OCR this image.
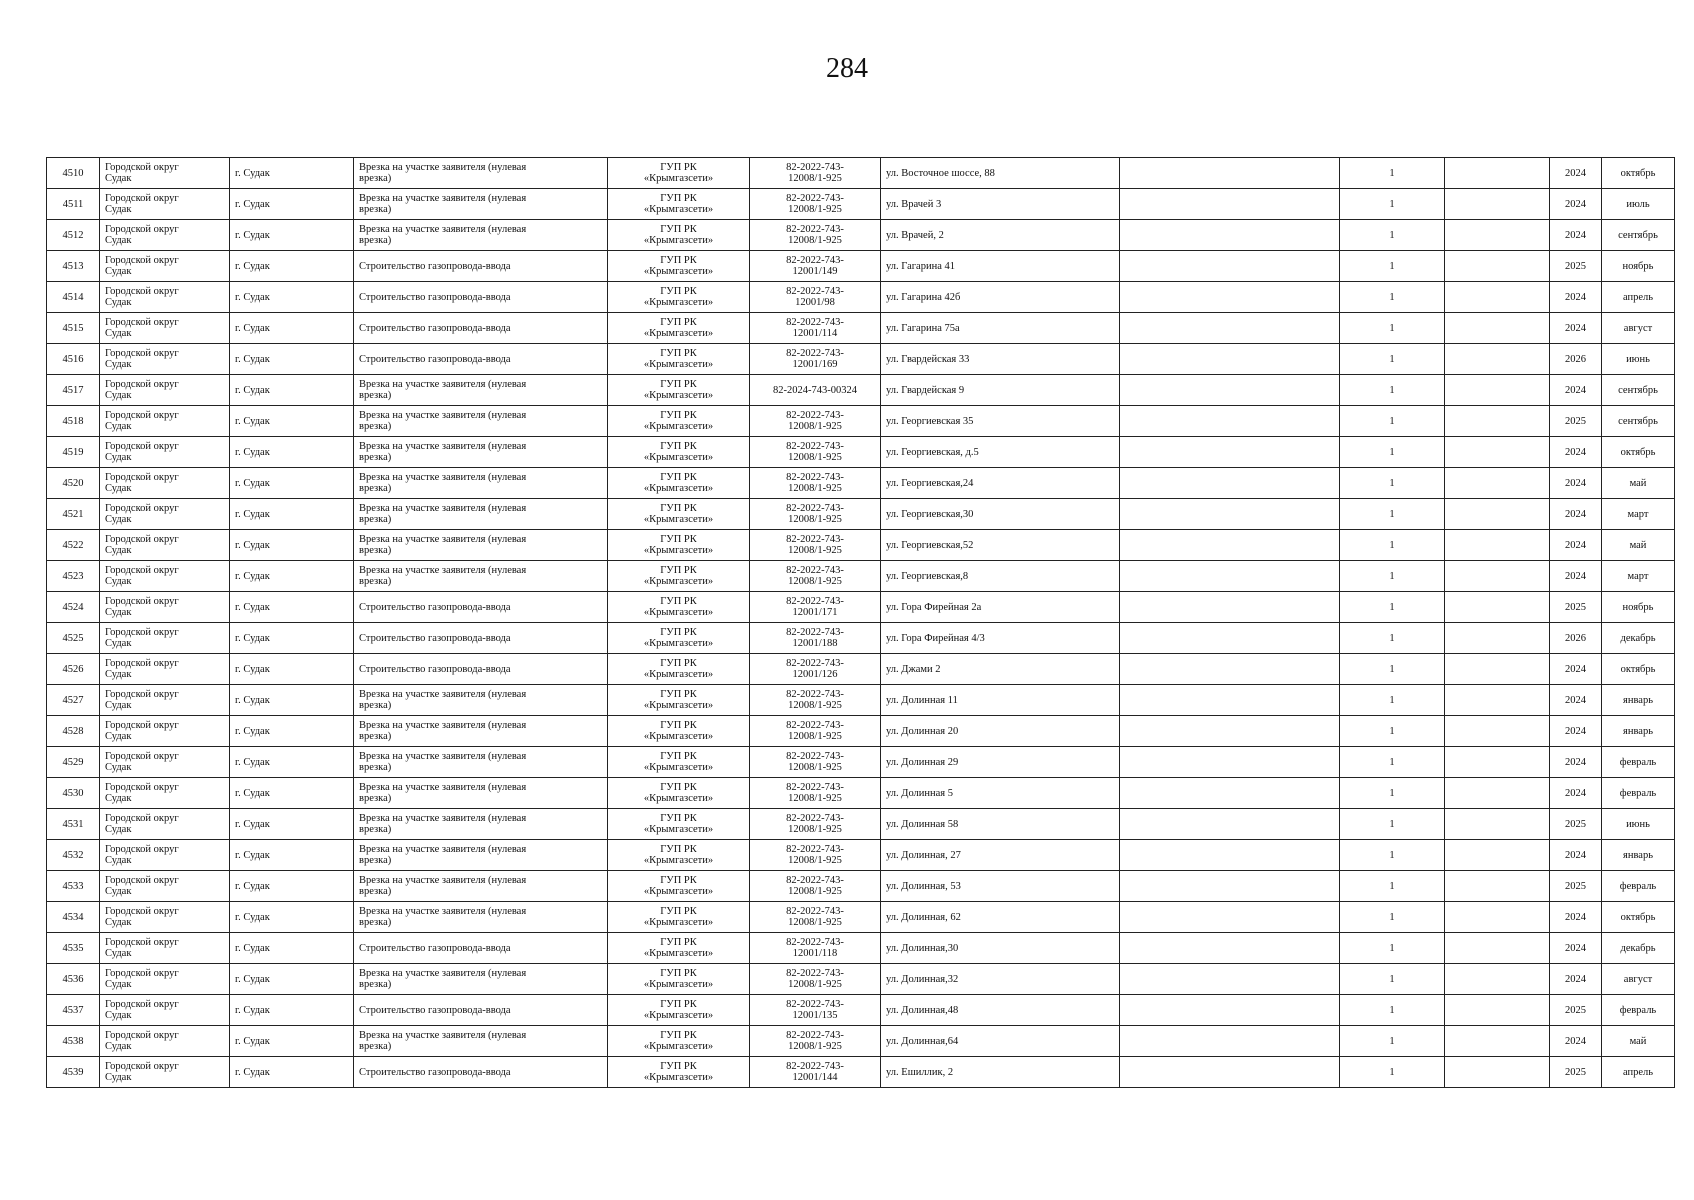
284
4510	Городской округ
Судак	г. Судак	Врезка на участке заявителя (нулевая
врезка)	ГУП РК
«Крымгазсети»	82-2022-743-
12008/1-925	ул. Восточное шоссе, 88		1		2024	октябрь
4511	Городской округ
Судак	г. Судак	Врезка на участке заявителя (нулевая
врезка)	ГУП РК
«Крымгазсети»	82-2022-743-
12008/1-925	ул. Врачей 3		1		2024	июль
4512	Городской округ
Судак	г. Судак	Врезка на участке заявителя (нулевая
врезка)	ГУП РК
«Крымгазсети»	82-2022-743-
12008/1-925	ул. Врачей, 2		1		2024	сентябрь
4513	Городской округ
Судак	г. Судак	Строительство газопровода-ввода	ГУП РК
«Крымгазсети»	82-2022-743-
12001/149	ул. Гагарина 41		1		2025	ноябрь
4514	Городской округ
Судак	г. Судак	Строительство газопровода-ввода	ГУП РК
«Крымгазсети»	82-2022-743-
12001/98	ул. Гагарина 42б		1		2024	апрель
4515	Городской округ
Судак	г. Судак	Строительство газопровода-ввода	ГУП РК
«Крымгазсети»	82-2022-743-
12001/114	ул. Гагарина 75а		1		2024	август
4516	Городской округ
Судак	г. Судак	Строительство газопровода-ввода	ГУП РК
«Крымгазсети»	82-2022-743-
12001/169	ул. Гвардейская 33		1		2026	июнь
4517	Городской округ
Судак	г. Судак	Врезка на участке заявителя (нулевая
врезка)	ГУП РК
«Крымгазсети»	82-2024-743-00324	ул. Гвардейская 9		1		2024	сентябрь
4518	Городской округ
Судак	г. Судак	Врезка на участке заявителя (нулевая
врезка)	ГУП РК
«Крымгазсети»	82-2022-743-
12008/1-925	ул. Георгиевская 35		1		2025	сентябрь
4519	Городской округ
Судак	г. Судак	Врезка на участке заявителя (нулевая
врезка)	ГУП РК
«Крымгазсети»	82-2022-743-
12008/1-925	ул. Георгиевская, д.5		1		2024	октябрь
4520	Городской округ
Судак	г. Судак	Врезка на участке заявителя (нулевая
врезка)	ГУП РК
«Крымгазсети»	82-2022-743-
12008/1-925	ул. Георгиевская,24		1		2024	май
4521	Городской округ
Судак	г. Судак	Врезка на участке заявителя (нулевая
врезка)	ГУП РК
«Крымгазсети»	82-2022-743-
12008/1-925	ул. Георгиевская,30		1		2024	март
4522	Городской округ
Судак	г. Судак	Врезка на участке заявителя (нулевая
врезка)	ГУП РК
«Крымгазсети»	82-2022-743-
12008/1-925	ул. Георгиевская,52		1		2024	май
4523	Городской округ
Судак	г. Судак	Врезка на участке заявителя (нулевая
врезка)	ГУП РК
«Крымгазсети»	82-2022-743-
12008/1-925	ул. Георгиевская,8		1		2024	март
4524	Городской округ
Судак	г. Судак	Строительство газопровода-ввода	ГУП РК
«Крымгазсети»	82-2022-743-
12001/171	ул. Гора Фирейная 2а		1		2025	ноябрь
4525	Городской округ
Судак	г. Судак	Строительство газопровода-ввода	ГУП РК
«Крымгазсети»	82-2022-743-
12001/188	ул. Гора Фирейная 4/3		1		2026	декабрь
4526	Городской округ
Судак	г. Судак	Строительство газопровода-ввода	ГУП РК
«Крымгазсети»	82-2022-743-
12001/126	ул. Джами 2		1		2024	октябрь
4527	Городской округ
Судак	г. Судак	Врезка на участке заявителя (нулевая
врезка)	ГУП РК
«Крымгазсети»	82-2022-743-
12008/1-925	ул. Долинная 11		1		2024	январь
4528	Городской округ
Судак	г. Судак	Врезка на участке заявителя (нулевая
врезка)	ГУП РК
«Крымгазсети»	82-2022-743-
12008/1-925	ул. Долинная 20		1		2024	январь
4529	Городской округ
Судак	г. Судак	Врезка на участке заявителя (нулевая
врезка)	ГУП РК
«Крымгазсети»	82-2022-743-
12008/1-925	ул. Долинная 29		1		2024	февраль
4530	Городской округ
Судак	г. Судак	Врезка на участке заявителя (нулевая
врезка)	ГУП РК
«Крымгазсети»	82-2022-743-
12008/1-925	ул. Долинная 5		1		2024	февраль
4531	Городской округ
Судак	г. Судак	Врезка на участке заявителя (нулевая
врезка)	ГУП РК
«Крымгазсети»	82-2022-743-
12008/1-925	ул. Долинная 58		1		2025	июнь
4532	Городской округ
Судак	г. Судак	Врезка на участке заявителя (нулевая
врезка)	ГУП РК
«Крымгазсети»	82-2022-743-
12008/1-925	ул. Долинная, 27		1		2024	январь
4533	Городской округ
Судак	г. Судак	Врезка на участке заявителя (нулевая
врезка)	ГУП РК
«Крымгазсети»	82-2022-743-
12008/1-925	ул. Долинная, 53		1		2025	февраль
4534	Городской округ
Судак	г. Судак	Врезка на участке заявителя (нулевая
врезка)	ГУП РК
«Крымгазсети»	82-2022-743-
12008/1-925	ул. Долинная, 62		1		2024	октябрь
4535	Городской округ
Судак	г. Судак	Строительство газопровода-ввода	ГУП РК
«Крымгазсети»	82-2022-743-
12001/118	ул. Долинная,30		1		2024	декабрь
4536	Городской округ
Судак	г. Судак	Врезка на участке заявителя (нулевая
врезка)	ГУП РК
«Крымгазсети»	82-2022-743-
12008/1-925	ул. Долинная,32		1		2024	август
4537	Городской округ
Судак	г. Судак	Строительство газопровода-ввода	ГУП РК
«Крымгазсети»	82-2022-743-
12001/135	ул. Долинная,48		1		2025	февраль
4538	Городской округ
Судак	г. Судак	Врезка на участке заявителя (нулевая
врезка)	ГУП РК
«Крымгазсети»	82-2022-743-
12008/1-925	ул. Долинная,64		1		2024	май
4539	Городской округ
Судак	г. Судак	Строительство газопровода-ввода	ГУП РК
«Крымгазсети»	82-2022-743-
12001/144	ул. Ешиллик, 2		1		2025	апрель
